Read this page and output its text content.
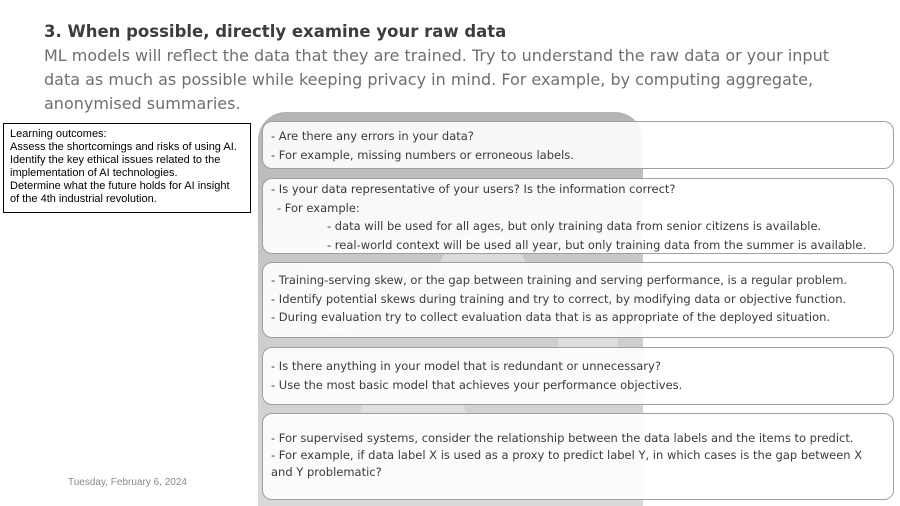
3. When possible, directly examine your raw data

ML models will reflect the data that they are trained. Try to understand the raw data or your input
data as much as possible while keeping privacy in mind. For example, by computing aggregate,
anonymised summaries.

Learning outcomes:
Assess the shortcomings and risks of using AI.
Identify the key ethical issues related to the
implementation of AI technologies.
Determine what the future holds for AI insight
of the 4th industrial revolution.
- Are there any errors in your data?
- For example, missing numbers or erroneous labels.
- Is your data representative of your users? Is the information correct?
- For example:
- data will be used for all ages, but only training data from senior citizens is available.
- real-world context will be used all year, but only training data from the summer is available.
- Training-serving skew, or the gap between training and serving performance, is a regular problem.
- Identify potential skews during training and try to correct, by modifying data or objective function.
- During evaluation try to collect evaluation data that is as appropriate of the deployed situation.
- Is there anything in your model that is redundant or unnecessary?
- Use the most basic model that achieves your performance objectives.
- For supervised systems, consider the relationship between the data labels and the items to predict.
- For example, if data label X is used as a proxy to predict label Y, in which cases is the gap between X and Y problematic?
Tuesday, February 6, 2024
